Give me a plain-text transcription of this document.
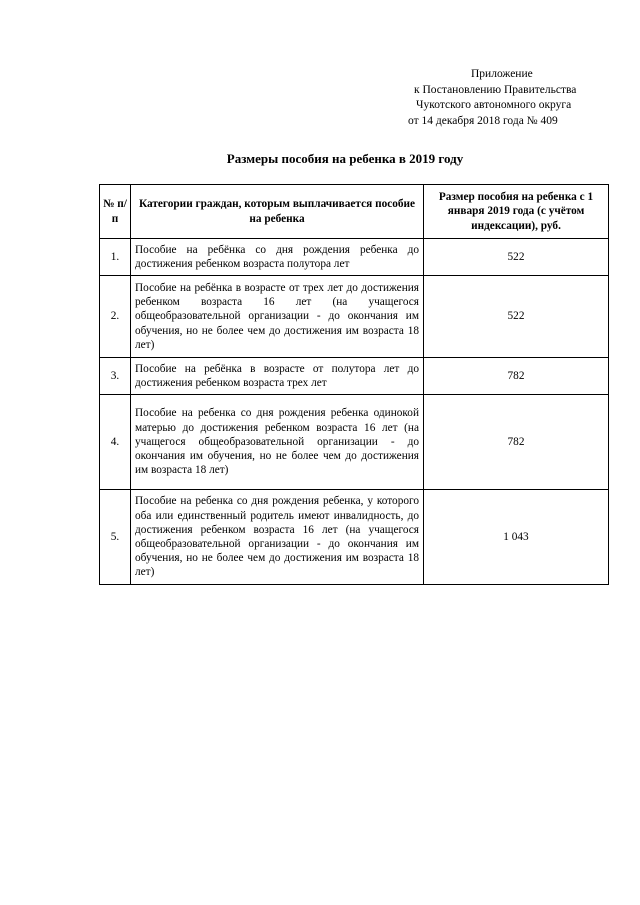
Приложение
к Постановлению Правительства
Чукотского автономного округа
от 14 декабря 2018 года № 409
Размеры пособия на ребенка в 2019 году
№ п/п	Категории граждан, которым выплачивается пособие на ребенка	Размер пособия на ребенка с 1 января 2019 года (с учётом индексации), руб.
1.	Пособие на ребёнка со дня рождения ребенка до достижения ребенком возраста полутора лет	522
2.	Пособие на ребёнка в возрасте от трех лет до достижения ребенком возраста 16 лет (на учащегося общеобразовательной организации - до окончания им обучения, но не более чем до достижения им возраста 18 лет)	522
3.	Пособие на ребёнка в возрасте от полутора лет до достижения ребенком возраста трех лет	782
4.	Пособие на ребенка со дня рождения ребенка одинокой матерью до достижения ребенком возраста 16 лет (на учащегося общеобразовательной организации - до окончания им обучения, но не более чем до достижения им возраста 18 лет)	782
5.	Пособие на ребенка со дня рождения ребенка, у которого оба или единственный родитель имеют инвалидность, до достижения ребенком возраста 16 лет (на учащегося общеобразовательной организации - до окончания им обучения, но не более чем до достижения им возраста 18 лет)	1 043
